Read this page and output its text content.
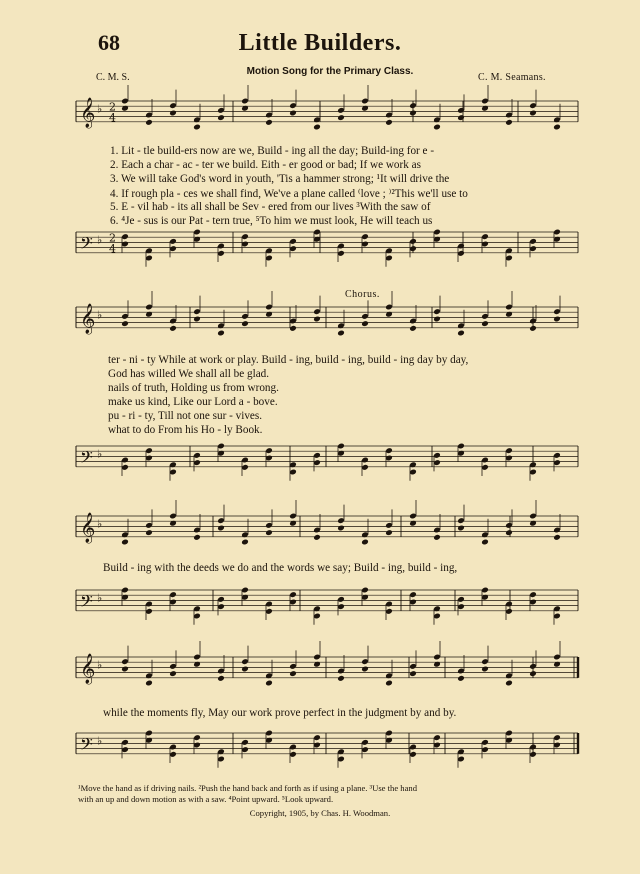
68	Little Builders.
Motion Song for the Primary Class.
C. M. S.	C. M. Seamans.
𝄞 ♭ 2
4
𝄢 ♭ 2
4
𝄞 ♭
𝄢 ♭
𝄞 ♭
𝄢 ♭
𝄞 ♭
𝄢 ♭
1. Lit - tle build-ers now are we, Build - ing all the day; Build-ing for e -
2. Each a char - ac - ter we build. Eith - er good or bad; If we work as
3. We will take God's word in youth, 'Tis a hammer strong; ¹It will drive the
4. If rough pla - ces we shall find, We've a plane called ⁽love ; ⁾²This we'll use to
5. E - vil hab - its all shall be Sev - ered from our lives ³With the saw of
6. ⁴Je - sus is our Pat - tern true, ⁵To him we must look, He will teach us
Chorus.
ter - ni - ty While at work or play. Build - ing, build - ing, build - ing day by day,
God has willed We shall all be glad.
nails of truth, Holding us from wrong.
make us kind, Like our Lord a - bove.
pu - ri - ty, Till not one sur - vives.
what to do From his Ho - ly Book.
Build - ing with the deeds we do and the words we say; Build - ing, build - ing,
while the moments fly, May our work prove perfect in the judgment by and by.
¹Move the hand as if driving nails. ²Push the hand back and forth as if using a plane. ³Use the hand
with an up and down motion as with a saw. ⁴Point upward. ⁵Look upward.
Copyright, 1905, by Chas. H. Woodman.
